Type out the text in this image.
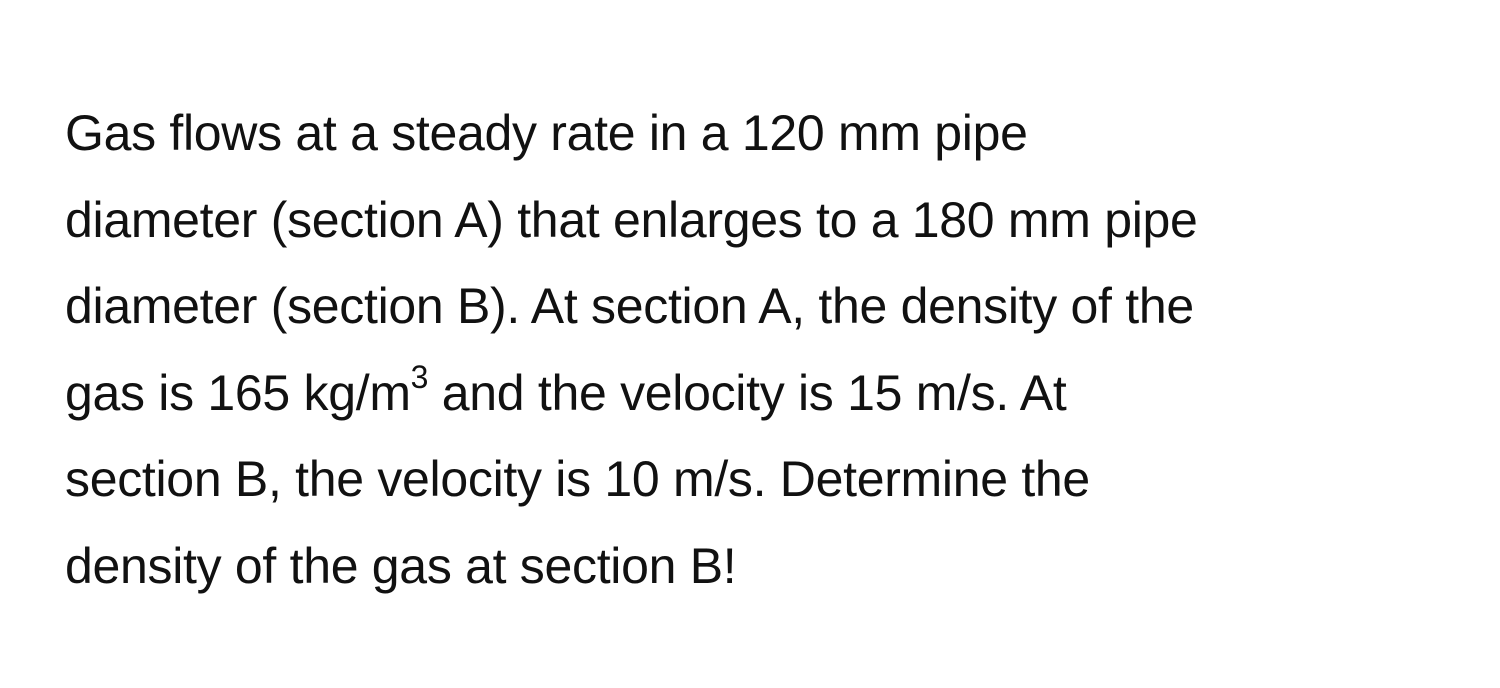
Gas flows at a steady rate in a 120 mm pipe
diameter (section A) that enlarges to a 180 mm pipe
diameter (section B). At section A, the density of the
gas is 165 $kg/m^3$ and the velocity is 15 m/s. At
section B, the velocity is 10 m/s. Determine the
density of the gas at section B!
